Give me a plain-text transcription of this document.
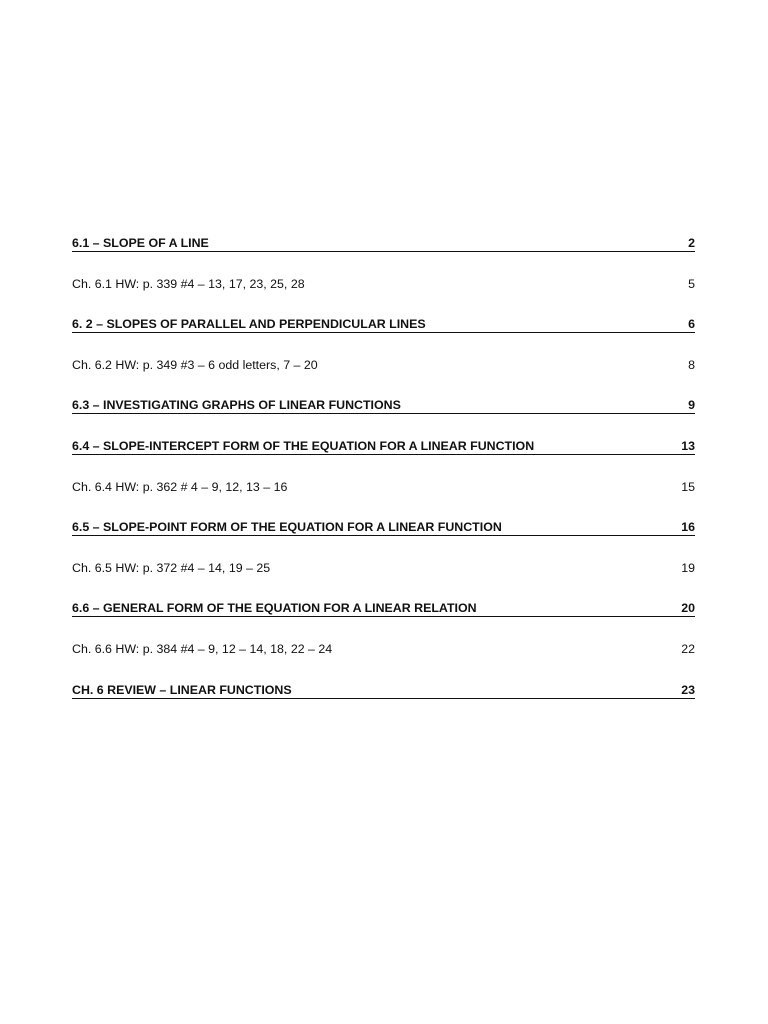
6.1 – SLOPE OF A LINE	2
Ch. 6.1 HW: p. 339 #4 – 13, 17, 23, 25, 28	5
6. 2 – SLOPES OF PARALLEL AND PERPENDICULAR LINES	6
Ch. 6.2 HW: p. 349 #3 – 6 odd letters, 7 – 20	8
6.3 – INVESTIGATING GRAPHS OF LINEAR FUNCTIONS	9
6.4 – SLOPE-INTERCEPT FORM OF THE EQUATION FOR A LINEAR FUNCTION	13
Ch. 6.4 HW: p. 362 # 4 – 9, 12, 13 – 16	15
6.5 – SLOPE-POINT FORM OF THE EQUATION FOR A LINEAR FUNCTION	16
Ch. 6.5 HW: p. 372 #4 – 14, 19 – 25	19
6.6 – GENERAL FORM OF THE EQUATION FOR A LINEAR RELATION	20
Ch. 6.6 HW: p. 384 #4 – 9, 12 – 14, 18, 22 – 24	22
CH. 6 REVIEW – LINEAR FUNCTIONS	23
